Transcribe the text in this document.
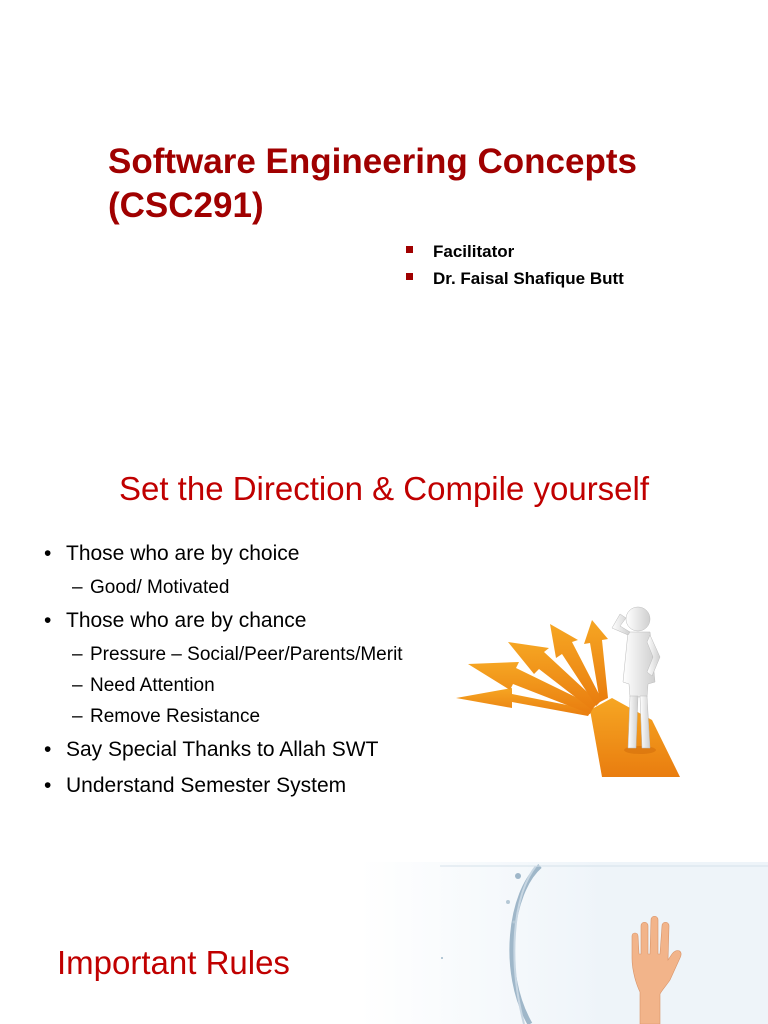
Software Engineering Concepts
(CSC291)
Facilitator
Dr. Faisal Shafique Butt
Set the Direction & Compile yourself
• Those who are by choice
– Good/ Motivated
• Those who are by chance
– Pressure – Social/Peer/Parents/Merit
– Need Attention
– Remove Resistance
• Say Special Thanks to Allah SWT
• Understand Semester System
Important Rules
